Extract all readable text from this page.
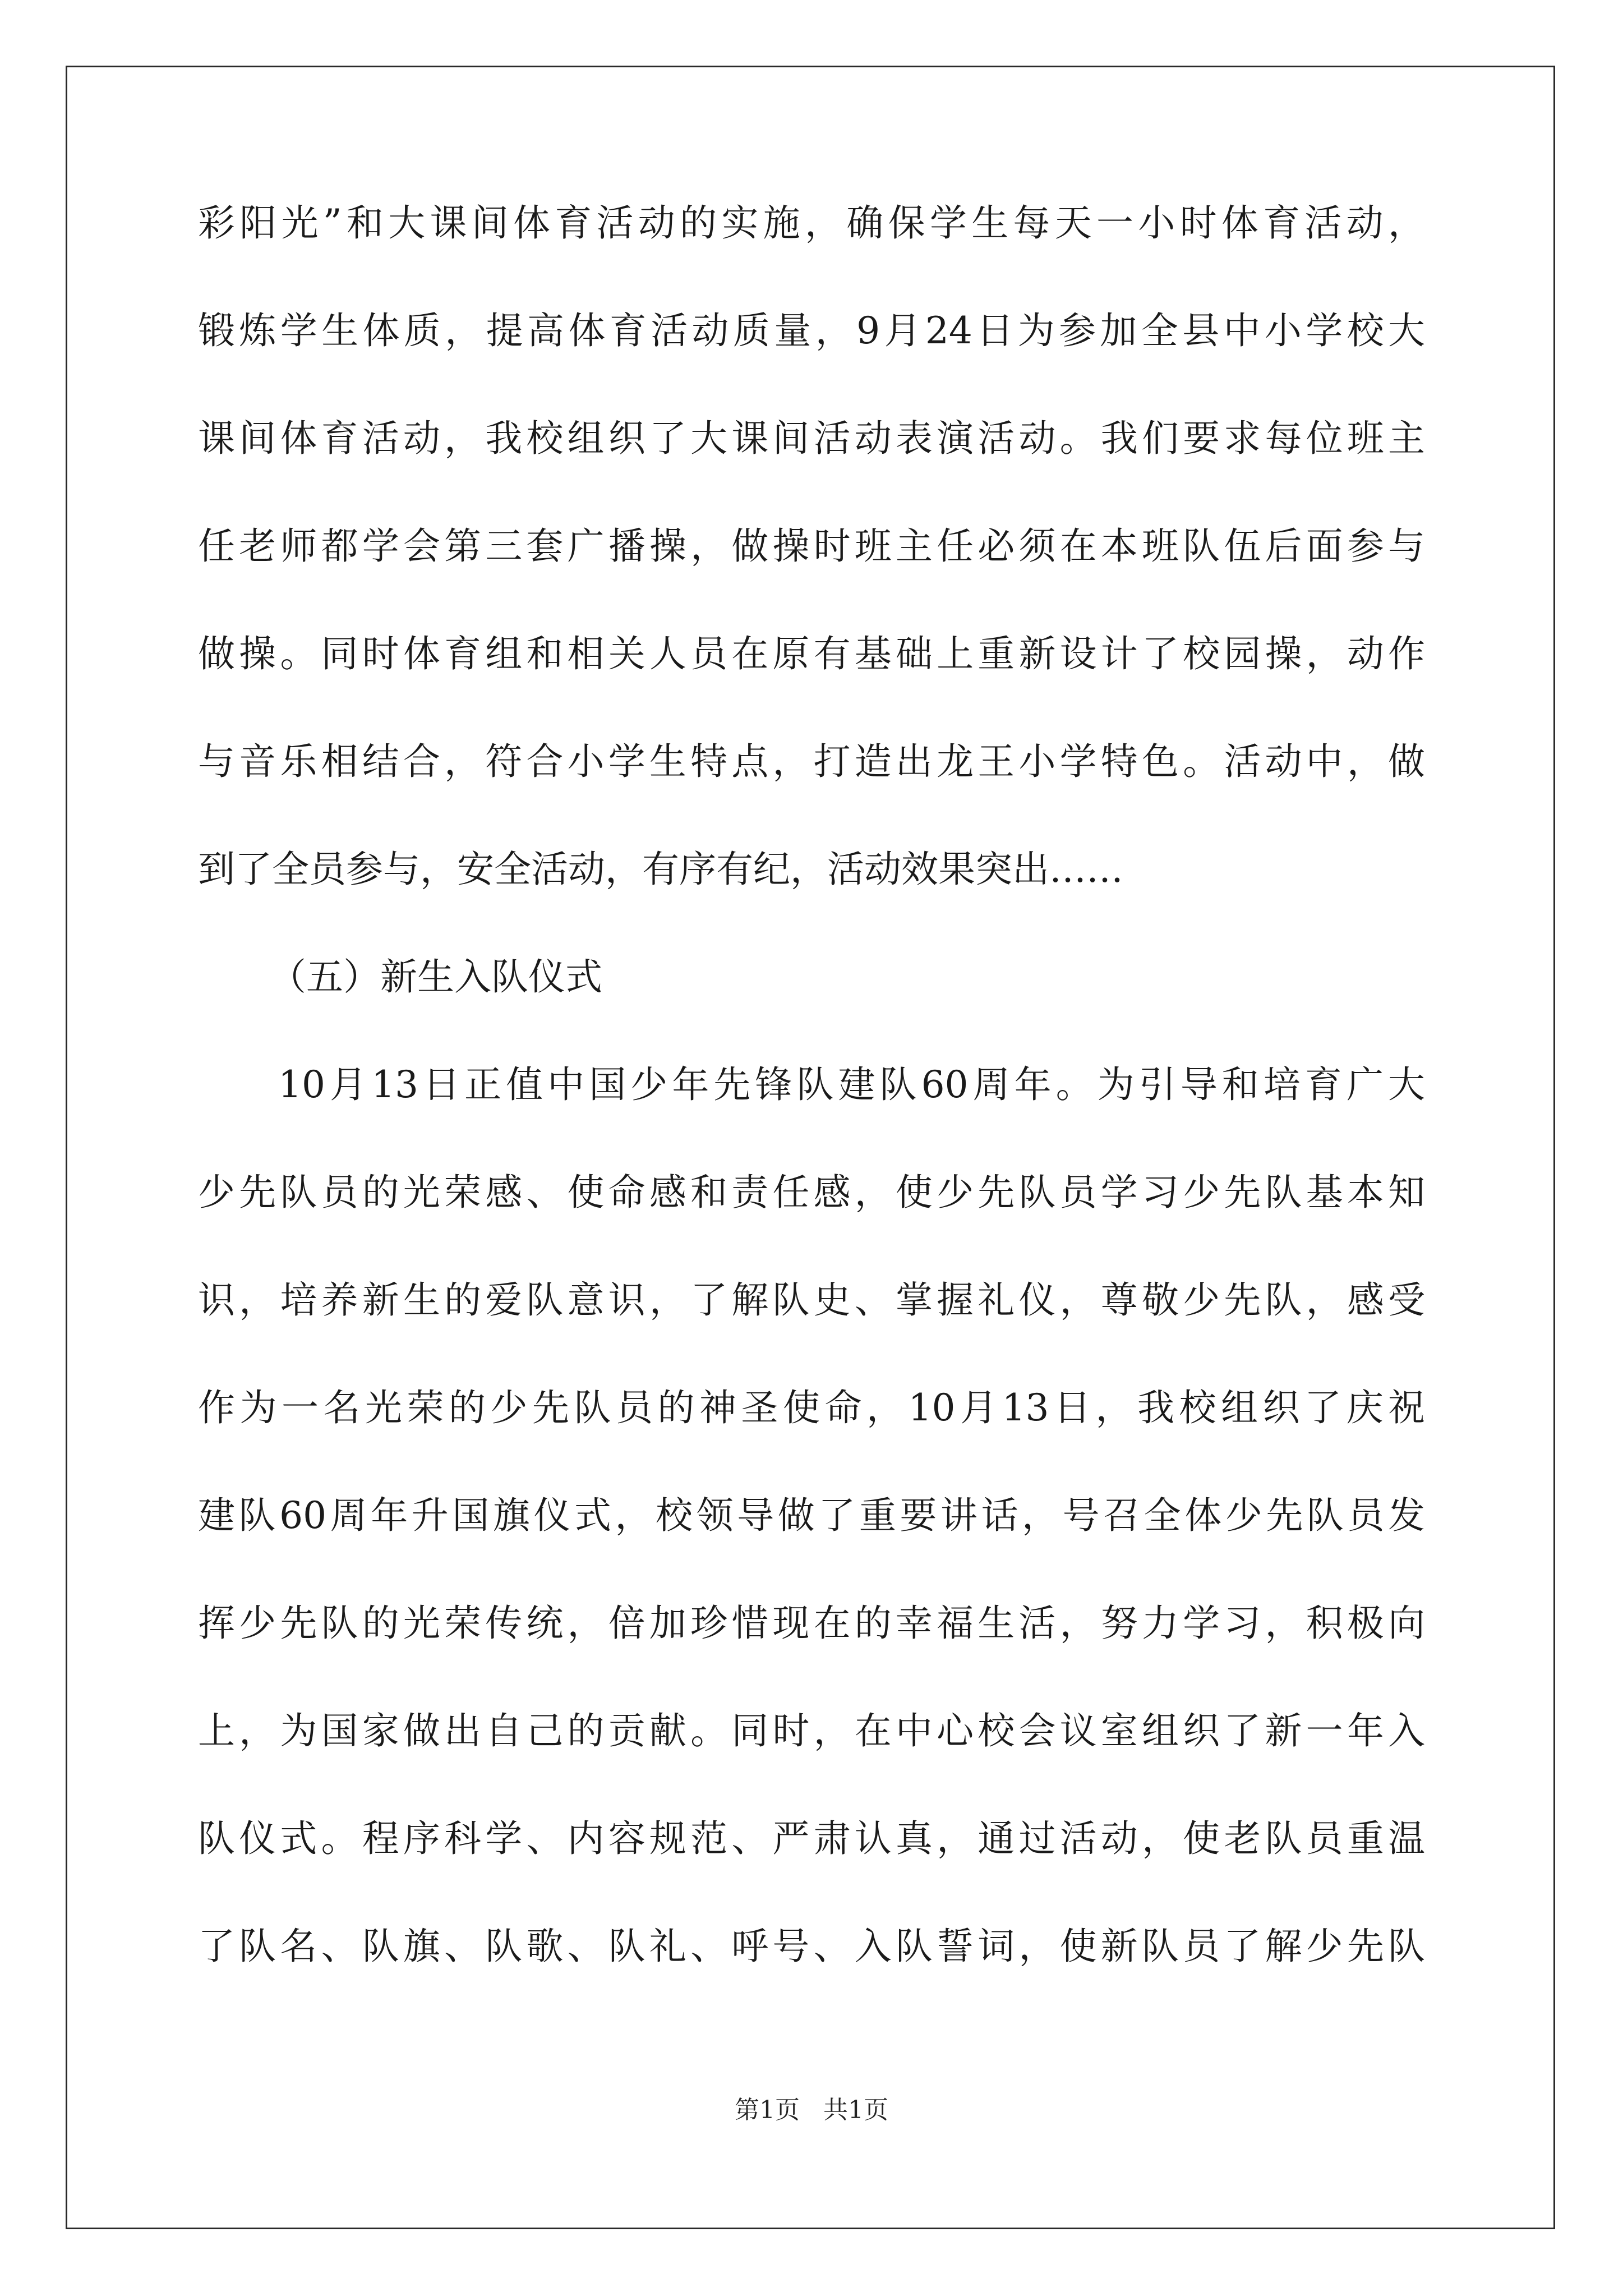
彩阳光”和大课间体育活动的实施，确保学生每天一小时体育活动，
锻炼学生体质，提高体育活动质量，9月24日为参加全县中小学校大
课间体育活动，我校组织了大课间活动表演活动。我们要求每位班主
任老师都学会第三套广播操，做操时班主任必须在本班队伍后面参与
做操。同时体育组和相关人员在原有基础上重新设计了校园操，动作
与音乐相结合，符合小学生特点，打造出龙王小学特色。活动中，做
到了全员参与，安全活动，有序有纪，活动效果突出……
（五）新生入队仪式
10月13日正值中国少年先锋队建队60周年。为引导和培育广大
少先队员的光荣感、使命感和责任感，使少先队员学习少先队基本知
识，培养新生的爱队意识，了解队史、掌握礼仪，尊敬少先队，感受
作为一名光荣的少先队员的神圣使命，10月13日，我校组织了庆祝
建队60周年升国旗仪式，校领导做了重要讲话，号召全体少先队员发
挥少先队的光荣传统，倍加珍惜现在的幸福生活，努力学习，积极向
上，为国家做出自己的贡献。同时，在中心校会议室组织了新一年入
队仪式。程序科学、内容规范、严肃认真，通过活动，使老队员重温
了队名、队旗、队歌、队礼、呼号、入队誓词，使新队员了解少先队
第1页   共1页
